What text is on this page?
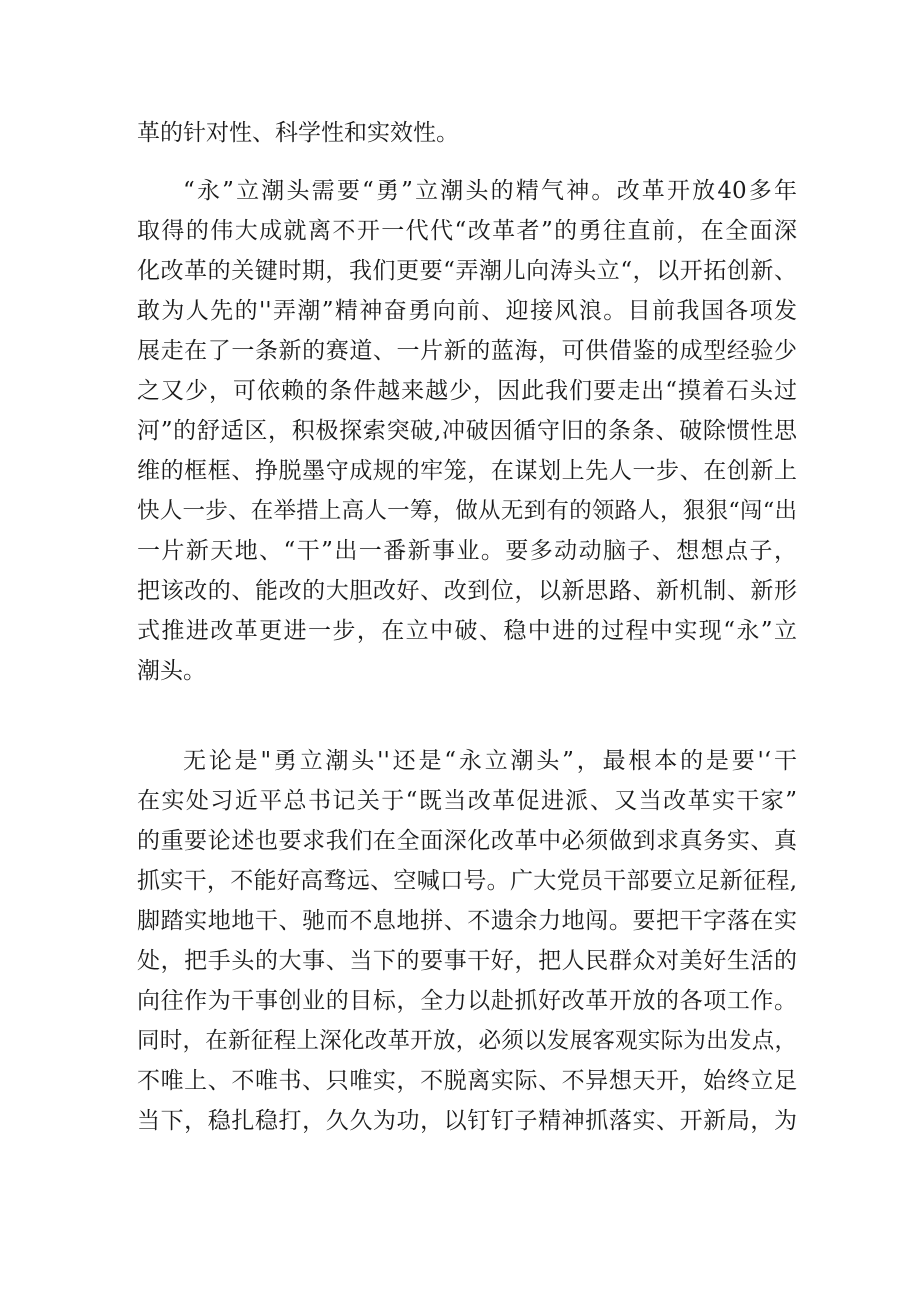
革的针对性、科学性和实效性。
“永”立潮头需要“勇”立潮头的精气神。改革开放40多年
取得的伟大成就离不开一代代“改革者”的勇往直前，在全面深
化改革的关键时期，我们更要“弄潮儿向涛头立“，以开拓创新、
敢为人先的''弄潮”精神奋勇向前、迎接风浪。目前我国各项发
展走在了一条新的赛道、一片新的蓝海，可供借鉴的成型经验少
之又少，可依赖的条件越来越少，因此我们要走出“摸着石头过
河”的舒适区，积极探索突破,冲破因循守旧的条条、破除惯性思
维的框框、挣脱墨守成规的牢笼，在谋划上先人一步、在创新上
快人一步、在举措上高人一筹，做从无到有的领路人，狠狠“闯“出
一片新天地、“干”出一番新事业。要多动动脑子、想想点子，
把该改的、能改的大胆改好、改到位，以新思路、新机制、新形
式推进改革更进一步，在立中破、稳中进的过程中实现“永”立
潮头。
无论是"勇立潮头''还是“永立潮头”，最根本的是要'‘干
在实处习近平总书记关于“既当改革促进派、又当改革实干家”
的重要论述也要求我们在全面深化改革中必须做到求真务实、真
抓实干，不能好高骛远、空喊口号。广大党员干部要立足新征程,
脚踏实地地干、驰而不息地拼、不遗余力地闯。要把干字落在实
处，把手头的大事、当下的要事干好，把人民群众对美好生活的
向往作为干事创业的目标，全力以赴抓好改革开放的各项工作。
同时，在新征程上深化改革开放，必须以发展客观实际为出发点，
不唯上、不唯书、只唯实，不脱离实际、不异想天开，始终立足
当下，稳扎稳打，久久为功，以钉钉子精神抓落实、开新局，为
